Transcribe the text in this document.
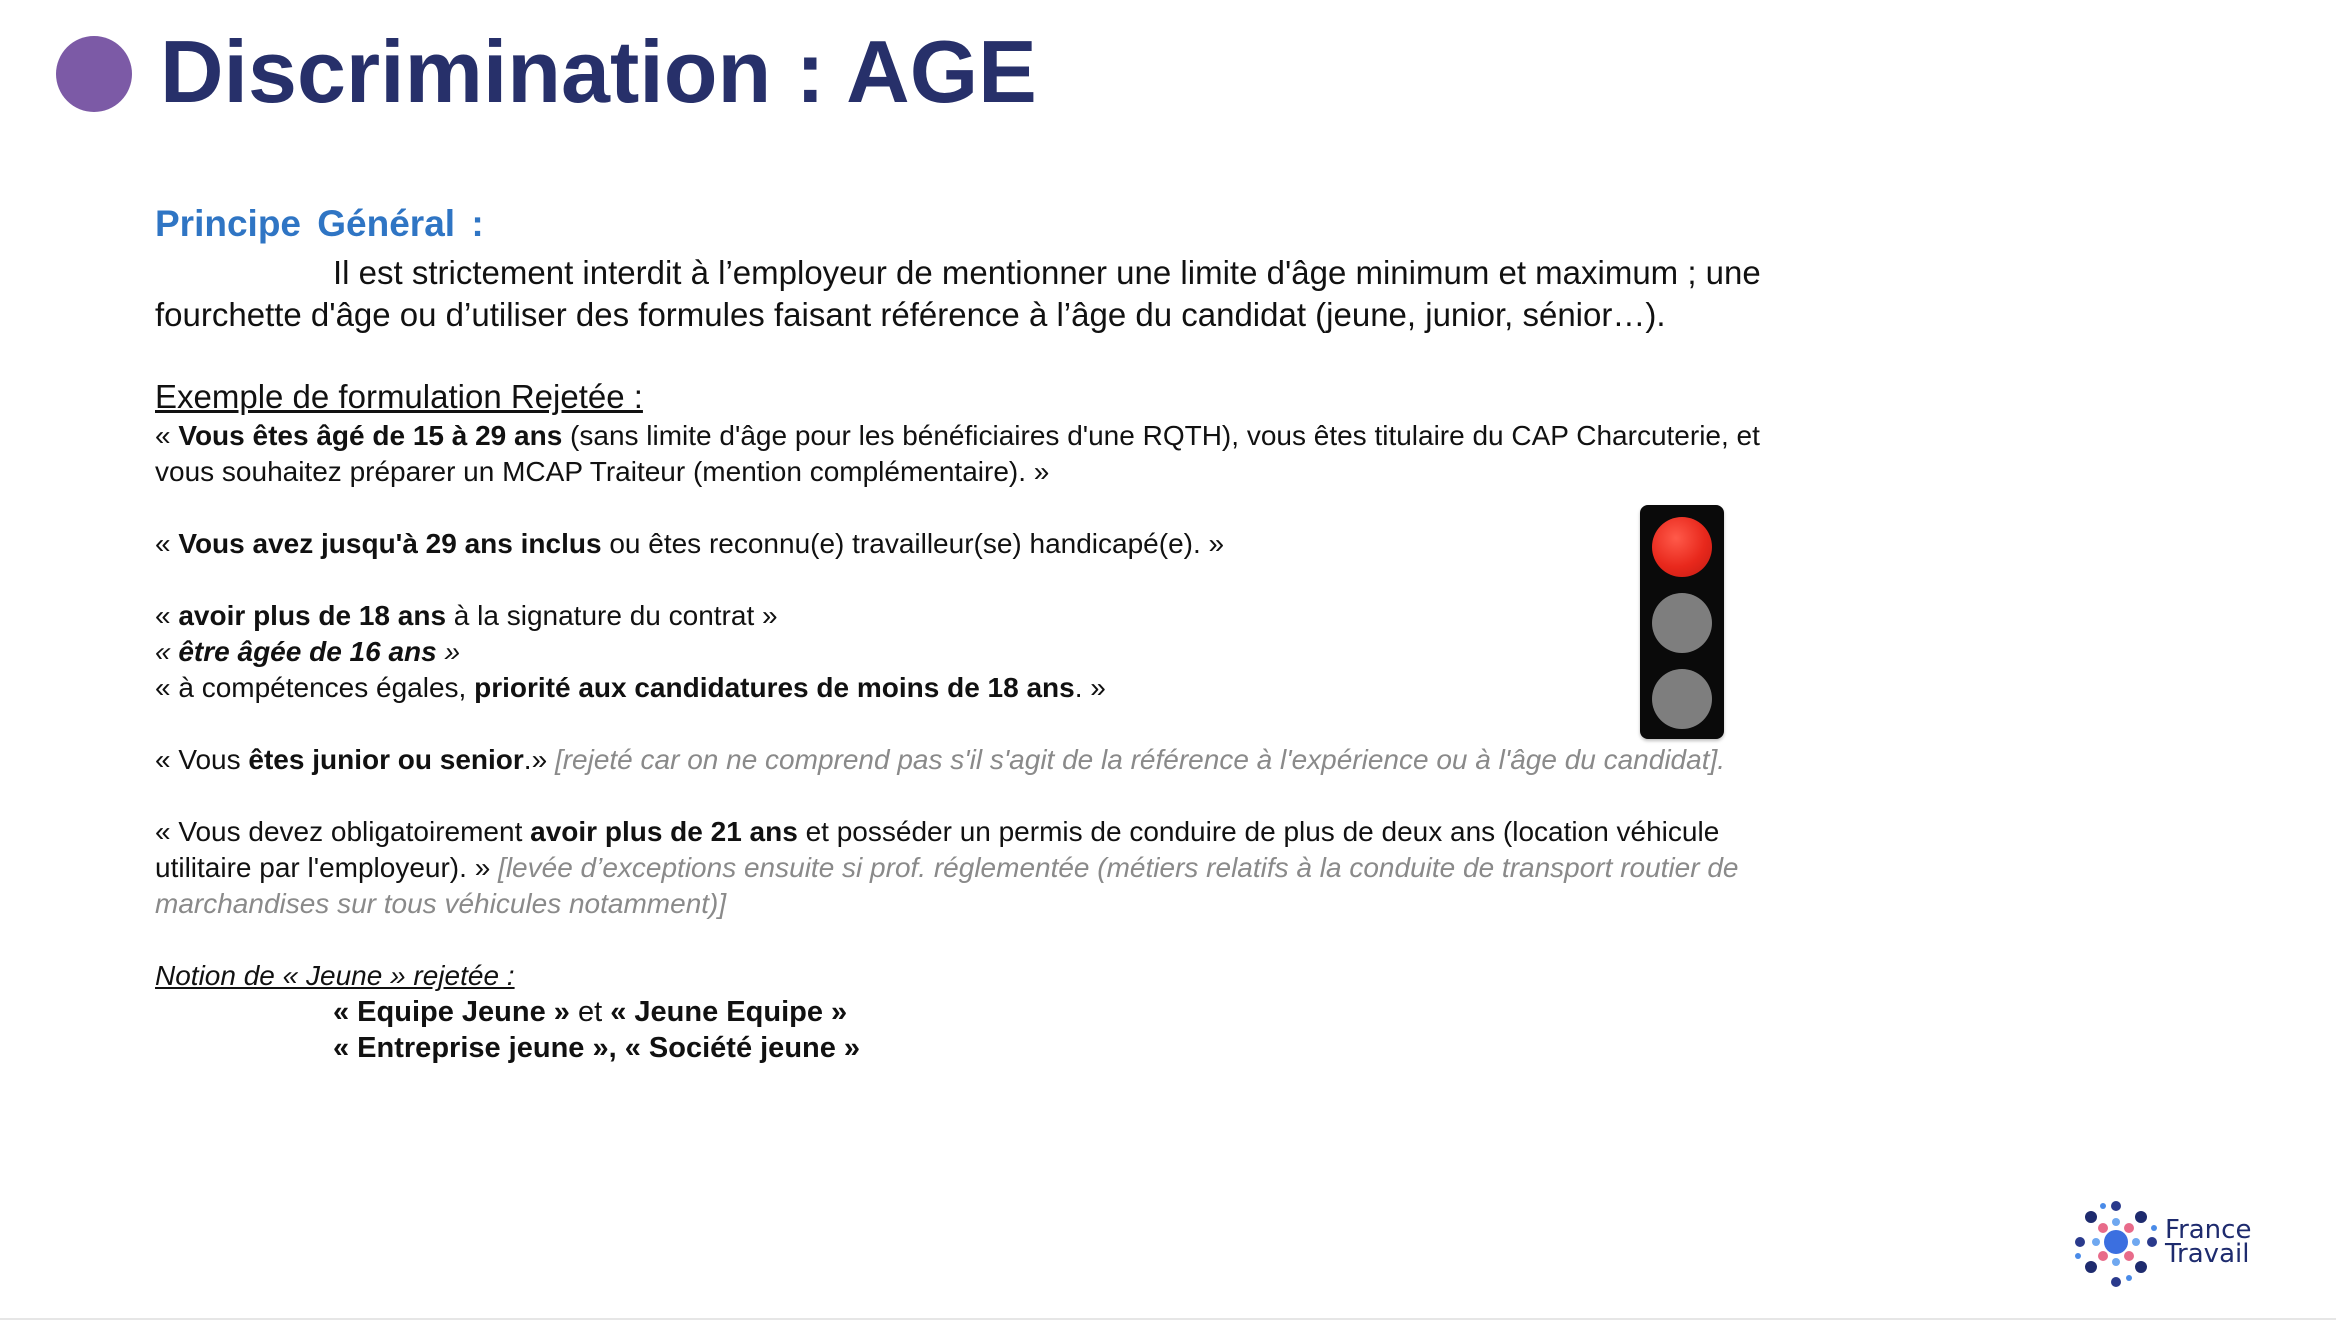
Discrimination : AGE

Principe Général :

Il est strictement interdit à l’employeur de mentionner une limite d'âge minimum et maximum ; une fourchette d'âge ou d’utiliser des formules faisant référence à l’âge du candidat (jeune, junior, sénior…).

Exemple de formulation Rejetée :

« Vous êtes âgé de 15 à 29 ans (sans limite d'âge pour les bénéficiaires d'une RQTH), vous êtes titulaire du CAP Charcuterie, et vous souhaitez préparer un MCAP Traiteur (mention complémentaire). »

« Vous avez jusqu'à 29 ans inclus ou êtes reconnu(e) travailleur(se) handicapé(e). »

« avoir plus de 18 ans à la signature du contrat »

« être âgée de 16 ans »

« à compétences égales, priorité aux candidatures de moins de 18 ans. »

« Vous êtes junior ou senior.» [rejeté car on ne comprend pas s'il s'agit de la référence à l'expérience ou à l'âge du candidat].

« Vous devez obligatoirement avoir plus de 21 ans et posséder un permis de conduire de plus de deux ans (location véhicule utilitaire par l'employeur). » [levée d’exceptions ensuite si prof. réglementée (métiers relatifs à la conduite de transport routier de marchandises sur tous véhicules notamment)]

Notion de « Jeune » rejetée :

« Equipe Jeune » et « Jeune Equipe »

« Entreprise jeune », « Société jeune »

France
Travail
